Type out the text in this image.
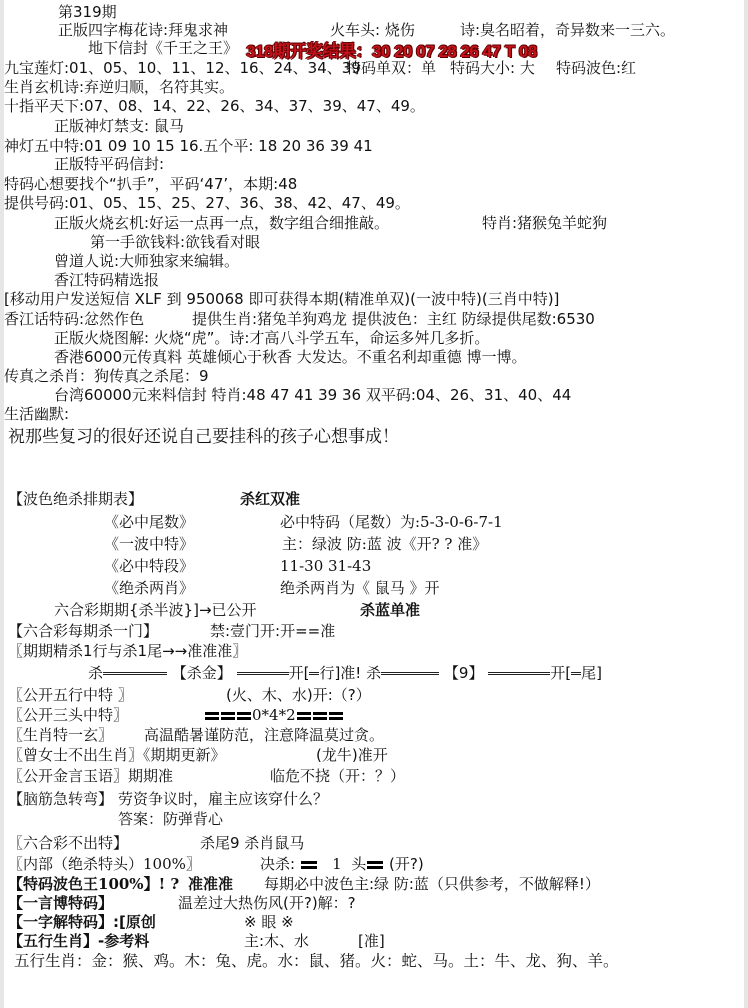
第319期
正版四字梅花诗:拜鬼求神	火车头: 烧伤	诗:臭名昭着，奇异数来一三六。
地下信封《千王之王》 318期开奖结果：30 20 07 28 26 47 T 08
九宝莲灯:01、05、10、11、12、16、24、34、39
特码单双：单 特码大小: 大 特码波色:红
生肖玄机诗:弃逆归顺，名符其实。
十指平天下:07、08、14、22、26、34、37、39、47、49。
正版神灯禁支: 鼠马
神灯五中特:01 09 10 15 16.五个平: 18 20 36 39 41
正版特平码信封:
特码心想要找个“扒手”，平码‘47’，本期:48
提供号码:01、05、15、25、27、36、38、42、47、49。
正版火烧玄机:好运一点再一点，数字组合细推敲。	特肖:猪猴兔羊蛇狗
第一手欲钱料:欲钱看对眼
曾道人说:大师独家来编辑。
香江特码精选报
[移动用户发送短信 XLF 到 950068 即可获得本期(精准单双)(一波中特)(三肖中特)]
香江话特码:忿然作色	提供生肖:猪兔羊狗鸡龙 提供波色：主红 防绿提供尾数:6530
正版火烧图解: 火烧“虎”。诗:才高八斗学五车，命运多舛几多折。
香港6000元传真料 英雄倾心于秋香 大发达。不重名利却重德 博一博。
传真之杀肖：狗传真之杀尾：9
台湾60000元来料信封 特肖:48 47 41 39 36 双平码:04、26、31、40、44
生活幽默:
祝那些复习的很好还说自己要挂科的孩子心想事成！
【波色绝杀排期表】	杀红双准
《必中尾数》	必中特码（尾数）为:5-3-0-6-7-1
《一波中特》	主：绿波 防:蓝 波《开? ? 准》
《必中特段》	11-30 31-43
《绝杀两肖》	绝杀两肖为《 鼠马 》开
六合彩期期{杀半波}]→已公开	杀蓝单准
【六合彩每期杀一门】	禁:壹门开:开==准
〖期期精杀1行与杀1尾→→准准准〗
杀	【杀金】	开[ 行]准! 杀	【9】	开[ 尾]
〖公开五行中特 〗	(火、木、水)开:（?）
〖公开三头中特〗	0*4*2
〖生肖特一玄〗 高温酷暑谨防范，注意降温莫过贪。
〖曾女士不出生肖〗《期期更新》	(龙牛)准开
〖公开金言玉语〗期期准	临危不挠（开：？）
【脑筋急转弯】 劳资争议时，雇主应该穿什么？
答案：防弹背心
〖六合彩不出特】	杀尾9 杀肖鼠马
〖内部（绝杀特头）100%〗	决杀: 1 头 (开?)
【特码波色王100%】! ? 准准准 每期必中波色主:绿 防:蓝（只供参考，不做解释!）
【一言博特码】	温差过大热伤风(开?)解：?
【一字解特码】:[原创	※ 眼 ※
【五行生肖】-参考料	主:木、水	[准]
五行生肖：金：猴、鸡。木：兔、虎。水：鼠、猪。火：蛇、马。土：牛、龙、狗、羊。
